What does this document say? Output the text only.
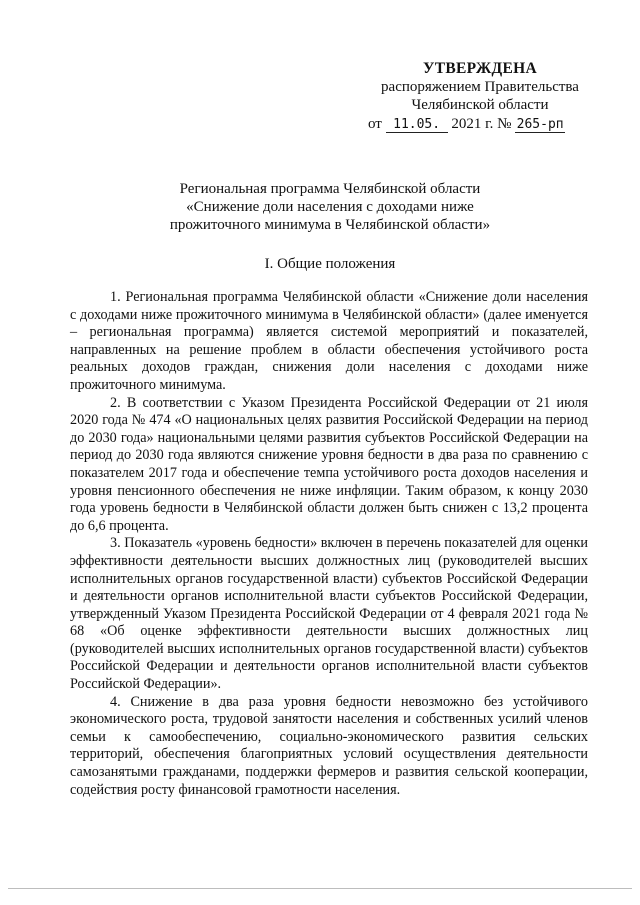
УТВЕРЖДЕНА
распоряжением Правительства
Челябинской области
от 11.05. 2021 г. № 265-рп
Региональная программа Челябинской области
«Снижение доли населения с доходами ниже
прожиточного минимума в Челябинской области»
I. Общие положения

1. Региональная программа Челябинской области «Снижение доли населения с доходами ниже прожиточного минимума в Челябинской области» (далее именуется – региональная программа) является системой мероприятий и показателей, направленных на решение проблем в области обеспечения устойчивого роста реальных доходов граждан, снижения доли населения с доходами ниже прожиточного минимума.

2. В соответствии с Указом Президента Российской Федерации от 21 июля 2020 года № 474 «О национальных целях развития Российской Федерации на период до 2030 года» национальными целями развития субъектов Российской Федерации на период до 2030 года являются снижение уровня бедности в два раза по сравнению с показателем 2017 года и обеспечение темпа устойчивого роста доходов населения и уровня пенсионного обеспечения не ниже инфляции. Таким образом, к концу 2030 года уровень бедности в Челябинской области должен быть снижен с 13,2 процента до 6,6 процента.

3. Показатель «уровень бедности» включен в перечень показателей для оценки эффективности деятельности высших должностных лиц (руководителей высших исполнительных органов государственной власти) субъектов Российской Федерации и деятельности органов исполнительной власти субъектов Российской Федерации, утвержденный Указом Президента Российской Федерации от 4 февраля 2021 года № 68 «Об оценке эффективности деятельности высших должностных лиц (руководителей высших исполнительных органов государственной власти) субъектов Российской Федерации и деятельности органов исполнительной власти субъектов Российской Федерации».

4. Снижение в два раза уровня бедности невозможно без устойчивого экономического роста, трудовой занятости населения и собственных усилий членов семьи к самообеспечению, социально-экономического развития сельских территорий, обеспечения благоприятных условий осуществления деятельности самозанятыми гражданами, поддержки фермеров и развития сельской кооперации, содействия росту финансовой грамотности населения.
